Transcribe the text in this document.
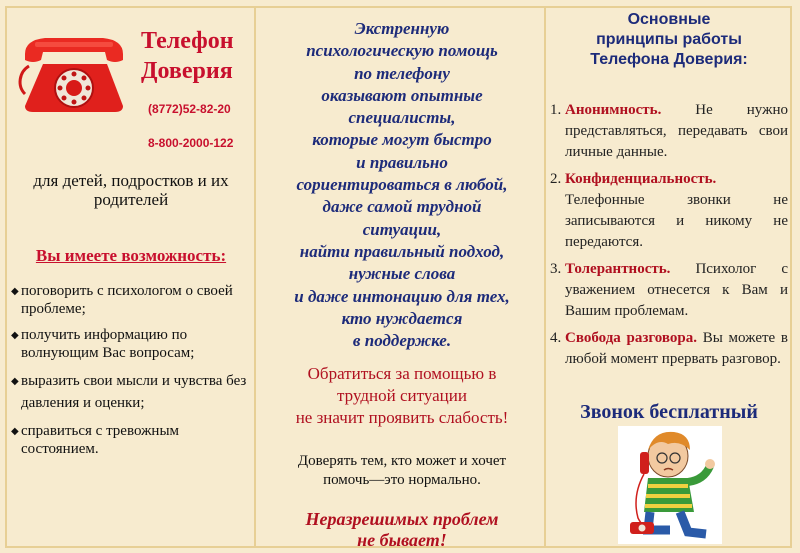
Телефон
Доверия
(8772)52-82-20
8-800-2000-122
для детей, подростков и их родителей
Вы имеете возможность:
◆ поговорить с психологом о своей проблеме;
◆ получить информацию по волнующим Вас вопросам;
◆ выразить свои мысли и чувства без давления и оценки;
◆ справиться с тревожным состоянием.
Экстренную
психологическую помощь
по телефону
оказывают опытные
специалисты,
которые могут быстро
и правильно
сориентироваться в любой,
даже самой трудной
ситуации,
найти правильный подход,
нужные слова
и даже интонацию для тех,
кто нуждается
в поддержке.
Обратиться за помощью в
трудной ситуации
не значит проявить слабость!
Доверять тем, кто может и хочет
помочь—это нормально.
Неразрешимых проблем
не бывает!
Основные
принципы работы
Телефона Доверия:
1. Анонимность. Не нужно представляться, передавать свои личные данные.
2. Конфиденциальность. Телефонные звонки не записываются и никому не передаются.
3. Толерантность. Психолог с уважением отнесется к Вам и Вашим проблемам.
4. Свобода разговора. Вы можете в любой момент прервать разговор.
Звонок бесплатный
